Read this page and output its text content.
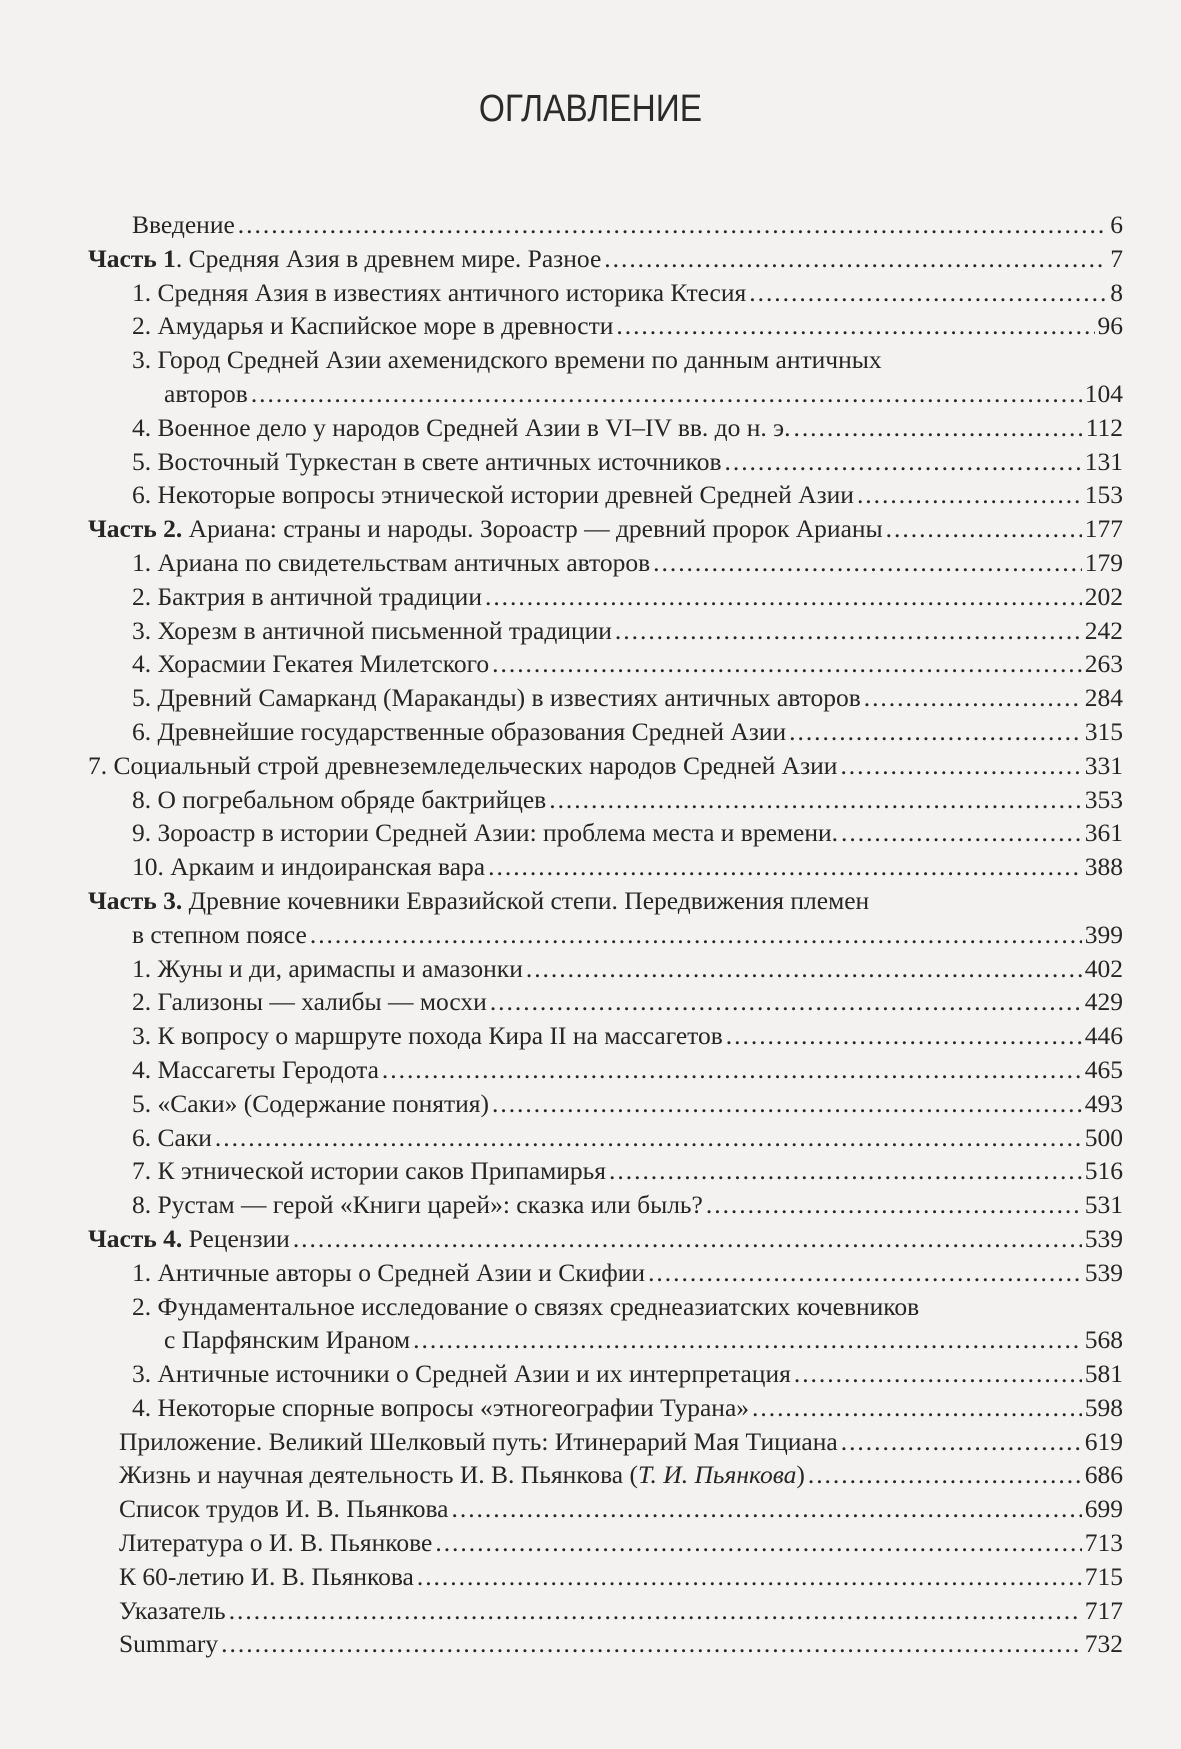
ОГЛАВЛЕНИЕ
Введение . . .	6
Часть 1. Средняя Азия в древнем мире. Разное . . .	7
1. Средняя Азия в известиях античного историка Ктесия . . .	8
2. Амударья и Каспийское море в древности . . .	96
3. Город Средней Азии ахеменидского времени по данным античных
авторов . . .	104
4. Военное дело у народов Средней Азии в VI–IV вв. до н. э. . . .	112
5. Восточный Туркестан в свете античных источников . . .	131
6. Некоторые вопросы этнической истории древней Средней Азии . . .	153
Часть 2. Ариана: страны и народы. Зороастр — древний пророк Арианы . . .	177
1. Ариана по свидетельствам античных авторов . . .	179
2. Бактрия в античной традиции . . .	202
3. Хорезм в античной письменной традиции . . .	242
4. Хорасмии Гекатея Милетского . . .	263
5. Древний Самарканд (Мараканды) в известиях античных авторов . . .	284
6. Древнейшие государственные образования Средней Азии . . .	315
7. Социальный строй древнеземледельческих народов Средней Азии . . .	331
8. О погребальном обряде бактрийцев . . .	353
9. Зороастр в истории Средней Азии: проблема места и времени. . . .	361
10. Аркаим и индоиранская вара . . .	388
Часть 3. Древние кочевники Евразийской степи. Передвижения племен
в степном поясе . . .	399
1. Жуны и ди, аримаспы и амазонки . . .	402
2. Гализоны — халибы — мосхи . . .	429
3. К вопросу о маршруте похода Кира II на массагетов . . .	446
4. Массагеты Геродота . . .	465
5. «Саки» (Содержание понятия) . . .	493
6. Саки . . .	500
7. К этнической истории саков Припамирья . . .	516
8. Рустам — герой «Книги царей»: сказка или быль? . . .	531
Часть 4. Рецензии . . .	539
1. Античные авторы о Средней Азии и Скифии . . .	539
2. Фундаментальное исследование о связях среднеазиатских кочевников
с Парфянским Ираном . . .	568
3. Античные источники о Средней Азии и их интерпретация . . .	581
4. Некоторые спорные вопросы «этногеографии Турана» . . .	598
Приложение. Великий Шелковый путь: Итинерарий Мая Тициана . . .	619
Жизнь и научная деятельность И. В. Пьянкова (Т. И. Пьянкова) . . .	686
Список трудов И. В. Пьянкова . . .	699
Литература о И. В. Пьянкове . . .	713
К 60-летию И. В. Пьянкова . . .	715
Указатель . . .	717
Summary . . .	732
